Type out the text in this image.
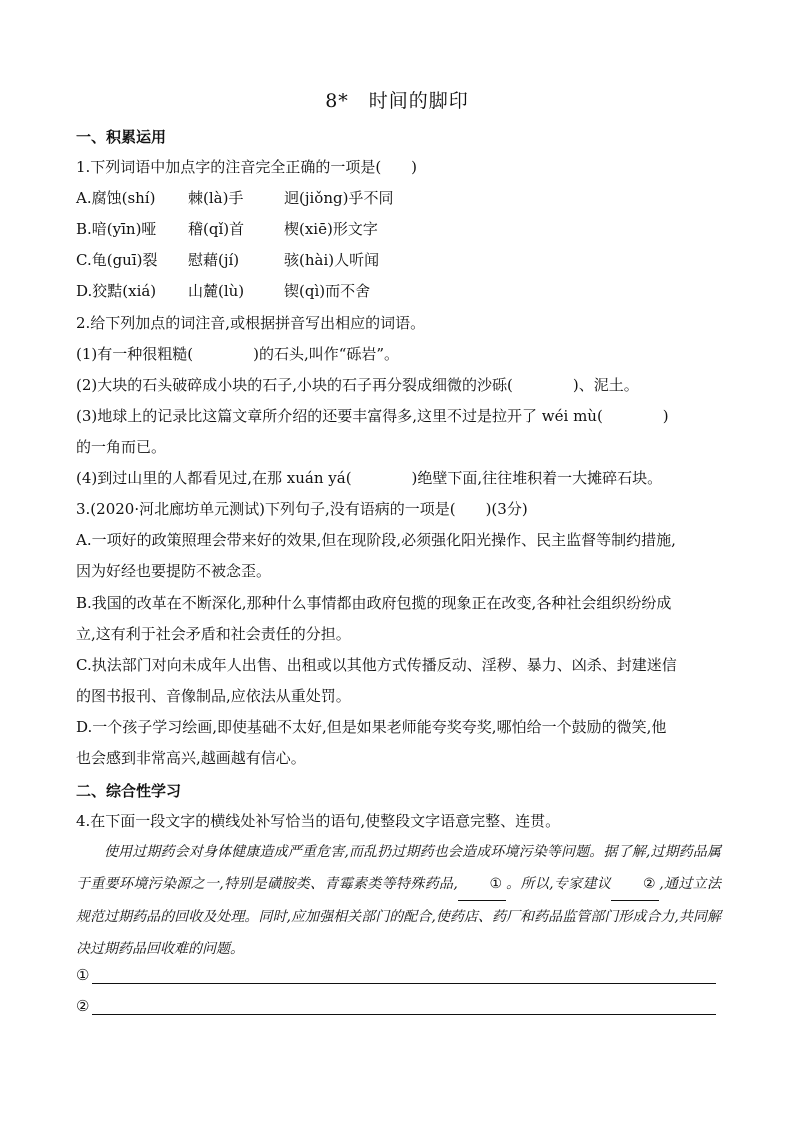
8*　时间的脚印
一、积累运用
1.下列词语中加点字的注音完全正确的一项是(　　)
A.腐蚀(shí) 棘(là)手	迥(jiǒng)乎不同
B.喑(yīn)哑 稽(qǐ)首	楔(xiē)形文字
C.龟(guī)裂 慰藉(jí)	骇(hài)人听闻
D.狡黠(xiá) 山麓(lù)	锲(qì)而不舍
2.给下列加点的词注音,或根据拼音写出相应的词语。
(1)有一种很粗糙(　　　　)的石头,叫作“砾岩”。
(2)大块的石头破碎成小块的石子,小块的石子再分裂成细微的沙砾(　　　　)、泥土。
(3)地球上的记录比这篇文章所介绍的还要丰富得多,这里不过是拉开了 wéi mù(　　　　)
的一角而已。
(4)到过山里的人都看见过,在那 xuán yá(　　　　)绝壁下面,往往堆积着一大摊碎石块。
3.(2020·河北廊坊单元测试)下列句子,没有语病的一项是(　　)(3分)
A.一项好的政策照理会带来好的效果,但在现阶段,必须强化阳光操作、民主监督等制约措施,
因为好经也要提防不被念歪。
B.我国的改革在不断深化,那种什么事情都由政府包揽的现象正在改变,各种社会组织纷纷成
立,这有利于社会矛盾和社会责任的分担。
C.执法部门对向未成年人出售、出租或以其他方式传播反动、淫秽、暴力、凶杀、封建迷信
的图书报刊、音像制品,应依法从重处罚。
D.一个孩子学习绘画,即使基础不太好,但是如果老师能夸奖夸奖,哪怕给一个鼓励的微笑,他
也会感到非常高兴,越画越有信心。
二、综合性学习
4.在下面一段文字的横线处补写恰当的语句,使整段文字语意完整、连贯。

使用过期药会对身体健康造成严重危害,而乱扔过期药也会造成环境污染等问题。据了解,过期药品属于重要环境污染源之一,特别是磺胺类、青霉素类等特殊药品, ① 。所以,专家建议 ② ,通过立法规范过期药品的回收及处理。同时,应加强相关部门的配合,使药店、药厂和药品监管部门形成合力,共同解决过期药品回收难的问题。

①
②
